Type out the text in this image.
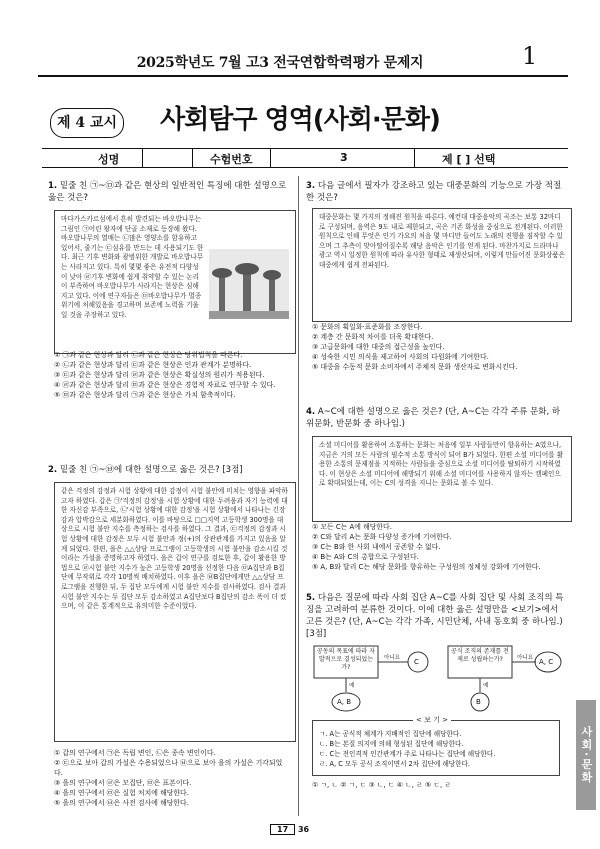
2025학년도 7월 고3 전국연합학력평가 문제지	1
제 4 교시	사회탐구 영역(사회·문화)
성명	수험번호	3	제 [ ] 선택
1. 밑줄 친 ㉠~㉤과 같은 현상의 일반적인 특징에 대한 설명으로 옳은 것은?
마다가스카르섬에서 흔히 발견되는 바오밥나무는 그림인 ㉠어린 왕자에 단골 소재로 등장해 왔다. 바오밥나무의 열매는 ㉡많은 영양소를 함유하고 있어서, 줄기는 ㉢섬유를 만드는 데 사용되기도 한다. 최근 기후 변화와 광범위한 개발로 바오밥나무는 사라지고 있다. 특히 몇몇 좋은 유전적 다양성이 낮아 ㉣기후 변화에 쉽게 취약할 수 있는 논리이 부족하여 바오밥나무가 사라지는 현상은 심해지고 있다. 이에 연구자들은 ㉤바오밥나무가 멸종 위기에 처해있음을 경고하며 보존에 노력을 기울일 것을 주장하고 있다.
① ㉠과 같은 현상과 달리 ㉡과 같은 현상은 당위법칙을 따른다.
② ㉡과 같은 현상과 달리 ㉢과 같은 현상은 인과 관계가 분명하다.
③ ㉢과 같은 현상과 달리 ㉣과 같은 현상은 확실성의 원리가 적용된다.
④ ㉣과 같은 현상과 달리 ㉤과 같은 현상은 경험적 자료로 연구할 수 있다.
⑤ ㉤과 같은 현상과 달리 ㉠과 같은 현상은 가치 함축적이다.
2. 밑줄 친 ㉠~㉥에 대한 설명으로 옳은 것은? [3점]
같은 걱정의 감정과 시험 상황에 대한 감정이 시험 불안에 미치는 영향을 파악하고자 하였다. 갑은 ㉠'걱정의 감정'을 시험 상황에 대한 두려움과 자기 능력에 대한 자신감 부족으로, ㉡'시험 상황에 대한 감정'을 시험 상황에서 나타나는 긴장감과 압박감으로 세분화하였다. 이를 바탕으로 □□지역 고등학생 300명을 대상으로 시험 불안 지수를 측정하는 검사를 하였다. 그 결과, ㉢걱정의 감정과 시험 상황에 대한 감정은 모두 시험 불안과 정(+)의 상관관계를 가지고 있음을 알게 되었다. 한편, 을은 △△상담 프로그램이 고등학생의 시험 불안을 감소시킬 것이라는 가설을 증명하고자 하였다. 을은 갑이 연구를 검토한 후, 갑이 활용한 방법으로 ㉣시험 불안 지수가 높은 고등학생 20명을 선정한 다음 ㉤A집단과 B집단에 무작위로 각각 10명씩 배치하였다. 이후 을은 ㉥B집단에게만 △△상담 프로그램을 진행한 뒤, 두 집단 모두에게 시험 불안 지수를 검사하였다. 검사 결과 시험 불안 지수는 두 집단 모두 감소하였고 A집단보다 B집단의 감소 폭이 더 컸으며, 이 같은 통계적으로 유의미한 수준이었다.
① 갑의 연구에서 ㉠은 독립 변인, ㉡은 종속 변인이다.
② ㉢으로 보아 갑의 가설은 수용되었으나 ㉥으로 보아 을의 가설은 기각되었다.
③ 을의 연구에서 ㉣은 모집단, ㉤은 표본이다.
④ 을의 연구에서 ㉤은 실험 처치에 해당한다.
⑤ 을의 연구에서 ㉥은 사전 검사에 해당한다.
3. 다음 글에서 필자가 강조하고 있는 대중문화의 기능으로 가장 적절한 것은?
대중문화는 몇 가지의 정해진 원칙을 따른다. 예컨대 대중음악의 곡조는 보통 32마디로 구성되며, 음역은 9도 내로 제한되고, 곡은 기존 화성을 중심으로 전개된다. 이러한 원칙으로 인해 무엇은 인기 가요의 처음 몇 마디만 들어도 노래의 진행을 짐작할 수 있으며 그 추측이 맞아떨어질수록 해당 음악은 인기를 얻게 된다. 마찬가지로 드라마나 광고 역시 일정한 원칙에 따라 유사한 형태로 재생산되며, 이렇게 만들어진 문화상품은 대중에게 쉽게 전파된다.
① 문화의 획일화·표준화를 조장한다.
② 계층 간 문화적 차이를 더욱 확대한다.
③ 고급문화에 대한 대중의 접근성을 높인다.
④ 성숙한 시민 의식을 제고하여 사회의 다원화에 기여한다.
⑤ 대중을 수동적 문화 소비자에서 주체적 문화 생산자로 변화시킨다.
4. A~C에 대한 설명으로 옳은 것은? (단, A~C는 각각 주류 문화, 하위문화, 반문화 중 하나임.)
소셜 미디어를 활용하여 소통하는 문화는 처음에 일부 사람들만이 향유하는 A였으나, 지금은 거의 모든 사람의 필수적 소통 방식이 되어 B가 되었다. 한편 소셜 미디어를 활용한 소통의 문제점을 지적하는 사람들을 중심으로 소셜 미디어를 탈퇴하기 시작하였다. 이 현상은 소셜 미디어에 해방되기 위해 소셜 미디어를 사용하지 않자는 캠페인으로 확대되었는데, 이는 C의 성격을 지니는 문화로 볼 수 있다.
① 모든 C는 A에 해당한다.
② C와 달리 A는 문화 다양성 증가에 기여한다.
③ C는 B와 한 사회 내에서 공존할 수 없다.
④ B는 A와 C의 총합으로 구성된다.
⑤ A, B와 달리 C는 해당 문화를 향유하는 구성원의 정체성 강화에 기여한다.
5. 다음은 질문에 따라 사회 집단 A~C를 사회 집단 및 사회 조직의 특징을 고려하여 분류한 것이다. 이에 대한 옳은 설명만을 <보기>에서 고른 것은? (단, A~C는 각각 가족, 시민단체, 사내 동호회 중 하나임.) [3점]
공동의 목표에 따라 자발적으로 결성되었는가?
공식 조직의 존재를 전제로 성립하는가?
아니요	아니요
예	예
C
A, B	B
A, C
< 보 기 >
ㄱ. A는 공식적 체계가 지배적인 집단에 해당한다.
ㄴ. B는 본질 의지에 의해 형성된 집단에 해당한다.
ㄷ. C는 전인격적 인간관계가 주로 나타나는 집단에 해당한다.
ㄹ. A, C 모두 공식 조직이면서 2차 집단에 해당한다.
① ㄱ, ㄴ ② ㄱ, ㄷ ③ ㄴ, ㄷ ④ ㄴ, ㄹ ⑤ ㄷ, ㄹ
사회·문화
17 36
